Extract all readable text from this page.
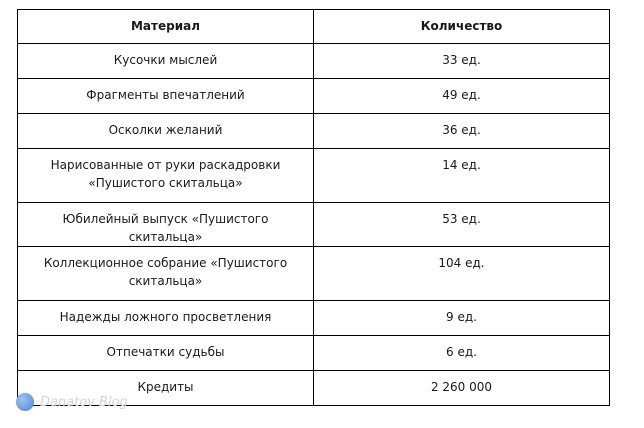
Материал	Количество
Кусочки мыслей	33 ед.
Фрагменты впечатлений	49 ед.
Осколки желаний	36 ед.
Нарисованные от руки раскадровки «Пушистого скитальца»	14 ед.
Юбилейный выпуск «Пушистого скитальца»	53 ед.
Коллекционное собрание «Пушистого скитальца»	104 ед.
Надежды ложного просветления	9 ед.
Отпечатки судьбы	6 ед.
Кредиты	2 260 000
Danatov Blog
